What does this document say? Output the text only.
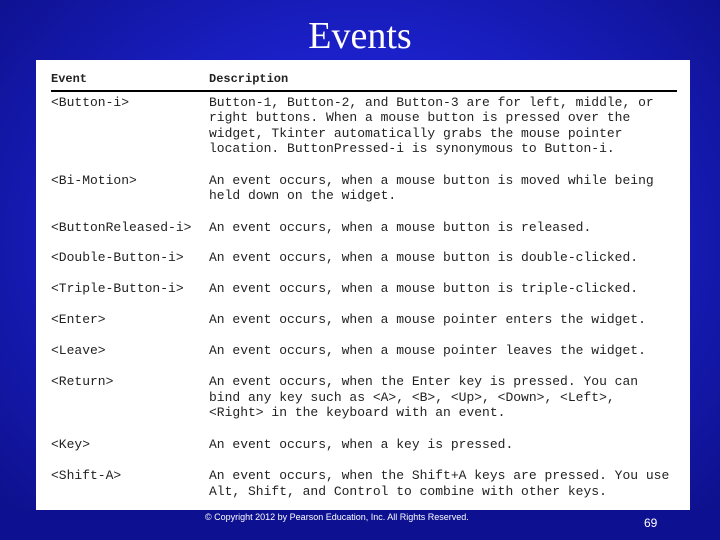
Events
Event	Description
<Button-i>	Button-1, Button-2, and Button-3 are for left, middle, or right buttons. When a mouse button is pressed over the widget, Tkinter automatically grabs the mouse pointer location. ButtonPressed-i is synonymous to Button-i.
<Bi-Motion>	An event occurs, when a mouse button is moved while being held down on the widget.
<ButtonReleased-i>	An event occurs, when a mouse button is released.
<Double-Button-i>	An event occurs, when a mouse button is double-clicked.
<Triple-Button-i>	An event occurs, when a mouse button is triple-clicked.
<Enter>	An event occurs, when a mouse pointer enters the widget.
<Leave>	An event occurs, when a mouse pointer leaves the widget.
<Return>	An event occurs, when the Enter key is pressed. You can bind any key such as <A>, <B>, <Up>, <Down>, <Left>, <Right> in the keyboard with an event.
<Key>	An event occurs, when a key is pressed.
<Shift-A>	An event occurs, when the Shift+A keys are pressed. You use Alt, Shift, and Control to combine with other keys.
© Copyright 2012 by Pearson Education, Inc. All Rights Reserved.	69
